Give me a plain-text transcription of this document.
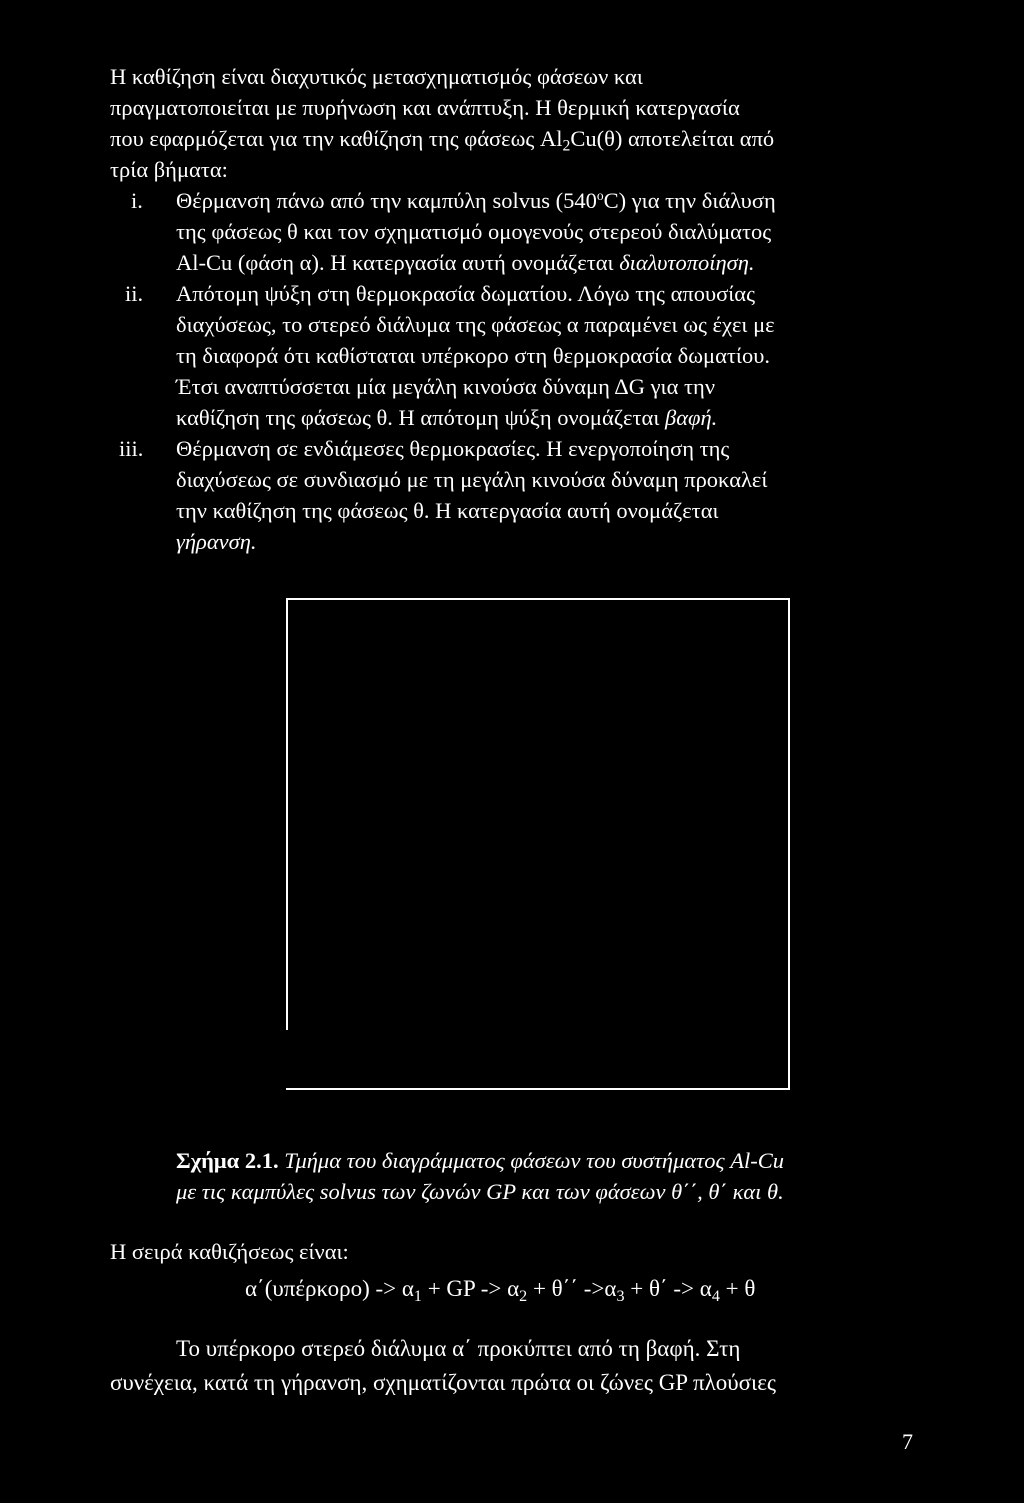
Η καθίζηση είναι διαχυτικός μετασχηματισμός φάσεων και
πραγματοποιείται με πυρήνωση και ανάπτυξη. Η θερμική κατεργασία
που εφαρμόζεται για την καθίζηση της φάσεως $Al_2Cu(\theta)$ αποτελείται από
τρία βήματα:
i. Θέρμανση πάνω από την καμπύλη solvus (540$^o$C) για την διάλυση
της φάσεως θ και τον σχηματισμό ομογενούς στερεού διαλύματος
Al-Cu (φάση α). Η κατεργασία αυτή ονομάζεται διαλυτοποίηση.
ii. Απότομη ψύξη στη θερμοκρασία δωματίου. Λόγω της απουσίας
διαχύσεως, το στερεό διάλυμα της φάσεως α παραμένει ως έχει με
τη διαφορά ότι καθίσταται υπέρκορο στη θερμοκρασία δωματίου.
Έτσι αναπτύσσεται μία μεγάλη κινούσα δύναμη ΔG για την
καθίζηση της φάσεως θ. Η απότομη ψύξη ονομάζεται βαφή.
iii. Θέρμανση σε ενδιάμεσες θερμοκρασίες. Η ενεργοποίηση της
διαχύσεως σε συνδιασμό με τη μεγάλη κινούσα δύναμη προκαλεί
την καθίζηση της φάσεως θ. Η κατεργασία αυτή ονομάζεται
γήρανση.
Σχήμα 2.1. Τμήμα του διαγράμματος φάσεων του συστήματος Al-Cu
με τις καμπύλες solvus των ζωνών GP και των φάσεων θ΄΄, θ΄ και θ.
Η σειρά καθιζήσεως είναι:
$\alpha΄(\upsilon\pi έ\rho\kappa o\rho o) -> \alpha_1$ + GP -> $\alpha_2 + \theta΄΄$ $->\alpha_3 + \theta΄ -> \alpha_4 + \theta$
Το υπέρκορο στερεό διάλυμα α΄ προκύπτει από τη βαφή. Στη
συνέχεια, κατά τη γήρανση, σχηματίζονται πρώτα οι ζώνες GP πλούσιες
7
